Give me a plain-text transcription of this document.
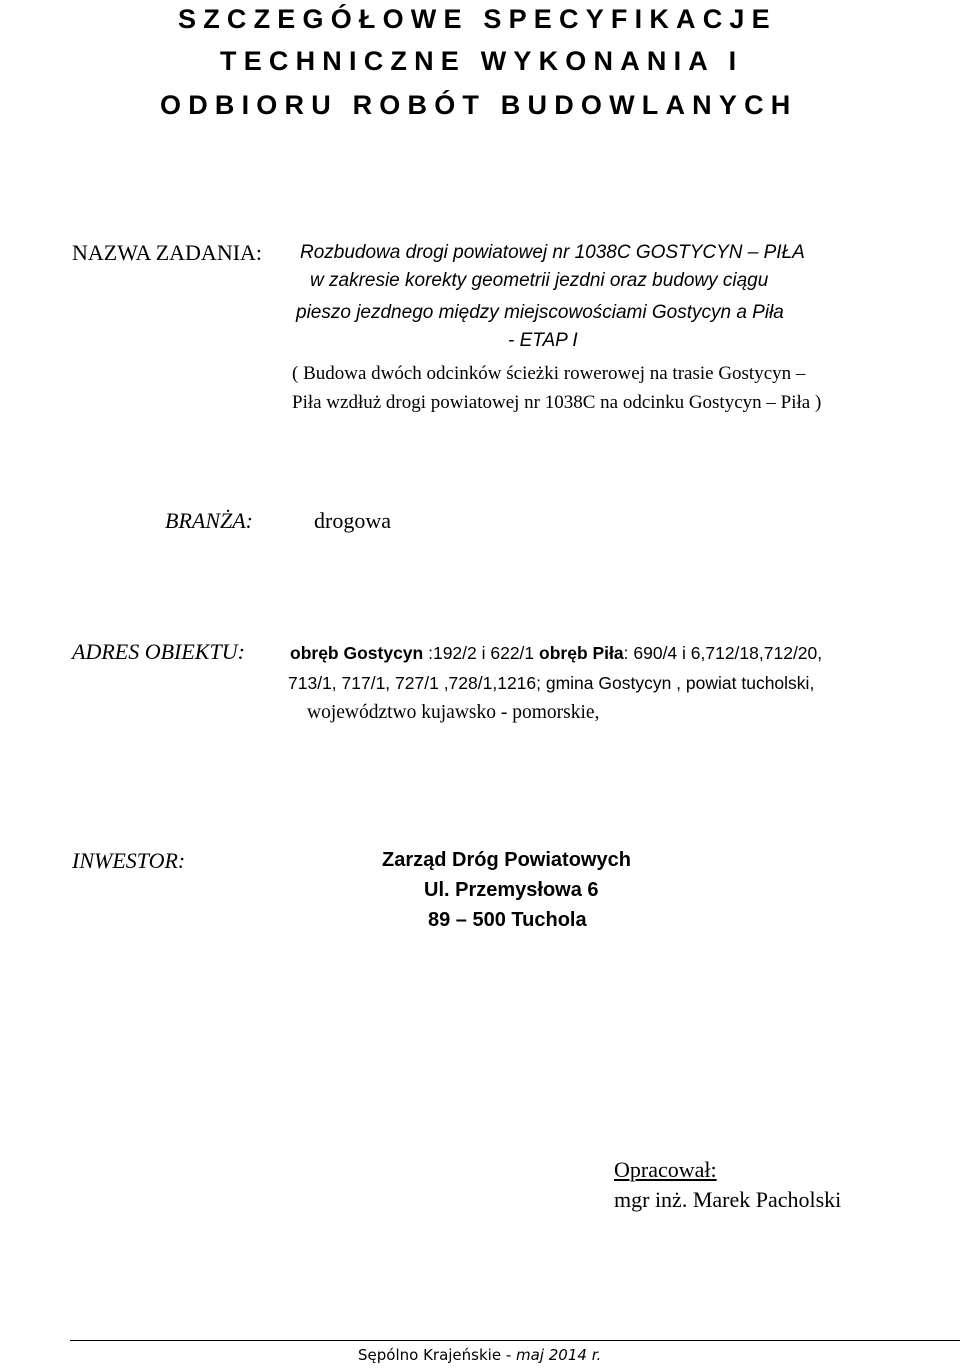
SZCZEGÓŁOWE SPECYFIKACJE
TECHNICZNE WYKONANIA I
ODBIORU ROBÓT BUDOWLANYCH
NAZWA ZADANIA: Rozbudowa drogi powiatowej nr 1038C GOSTYCYN – PIŁA
w zakresie korekty geometrii jezdni oraz budowy ciągu
pieszo jezdnego między miejscowościami Gostycyn a Piła
- ETAP I
( Budowa dwóch odcinków ścieżki rowerowej na trasie Gostycyn –
Piła wzdłuż drogi powiatowej nr 1038C na odcinku Gostycyn – Piła )
BRANŻA:	drogowa
ADRES OBIEKTU:	obręb Gostycyn :192/2 i 622/1 obręb Piła: 690/4 i 6,712/18,712/20,
713/1, 717/1, 727/1 ,728/1,1216; gmina Gostycyn , powiat tucholski,
województwo kujawsko - pomorskie,
INWESTOR:	Zarząd Dróg Powiatowych
Ul. Przemysłowa 6
89 – 500 Tuchola
Opracował:
mgr inż. Marek Pacholski
Sępólno Krajeńskie - maj 2014 r.
